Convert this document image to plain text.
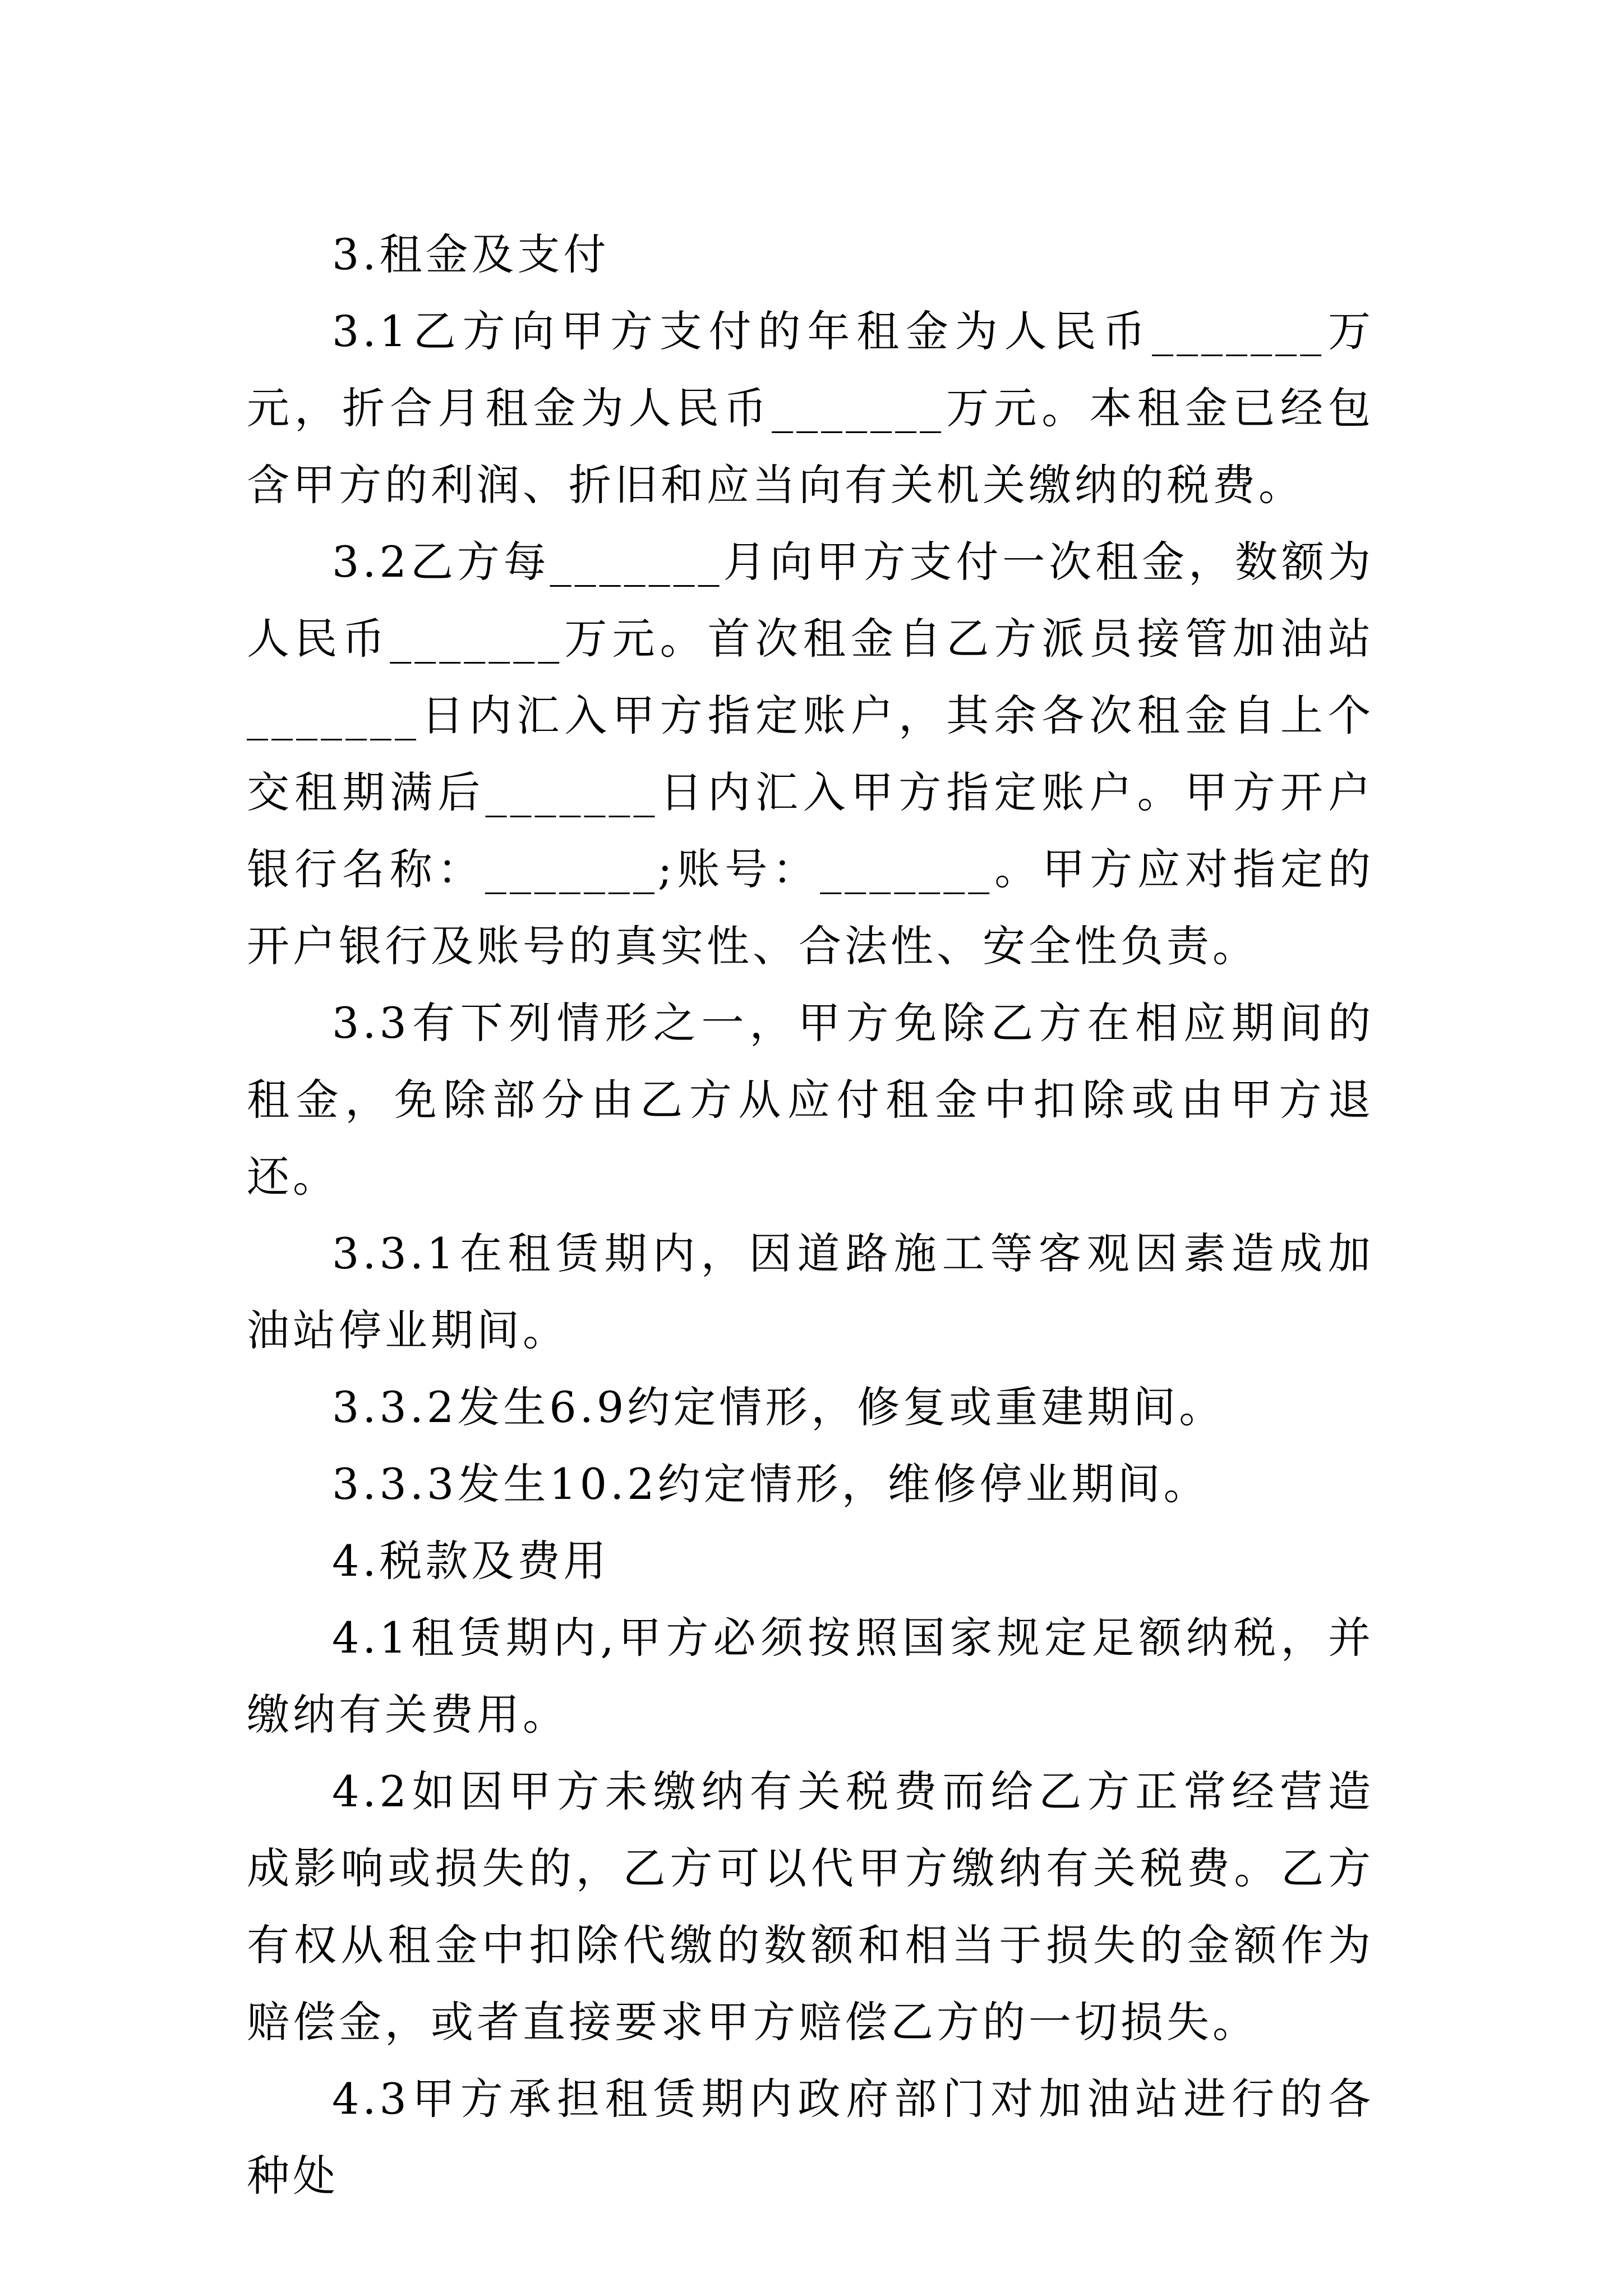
3.租金及支付

3.1乙方向甲方支付的年租金为人民币_______万元，折合月租金为人民币_______万元。本租金已经包含甲方的利润、折旧和应当向有关机关缴纳的税费。

3.2乙方每_______月向甲方支付一次租金，数额为人民币_______万元。首次租金自乙方派员接管加油站_______日内汇入甲方指定账户，其余各次租金自上个交租期满后_______日内汇入甲方指定账户。甲方开户银行名称：_______;账号：_______。甲方应对指定的开户银行及账号的真实性、合法性、安全性负责。

3.3有下列情形之一，甲方免除乙方在相应期间的租金，免除部分由乙方从应付租金中扣除或由甲方退还。

3.3.1在租赁期内，因道路施工等客观因素造成加油站停业期间。

3.3.2发生6.9约定情形，修复或重建期间。

3.3.3发生10.2约定情形，维修停业期间。

4.税款及费用

4.1租赁期内,甲方必须按照国家规定足额纳税，并缴纳有关费用。

4.2如因甲方未缴纳有关税费而给乙方正常经营造成影响或损失的，乙方可以代甲方缴纳有关税费。乙方有权从租金中扣除代缴的数额和相当于损失的金额作为赔偿金，或者直接要求甲方赔偿乙方的一切损失。

4.3甲方承担租赁期内政府部门对加油站进行的各种处
